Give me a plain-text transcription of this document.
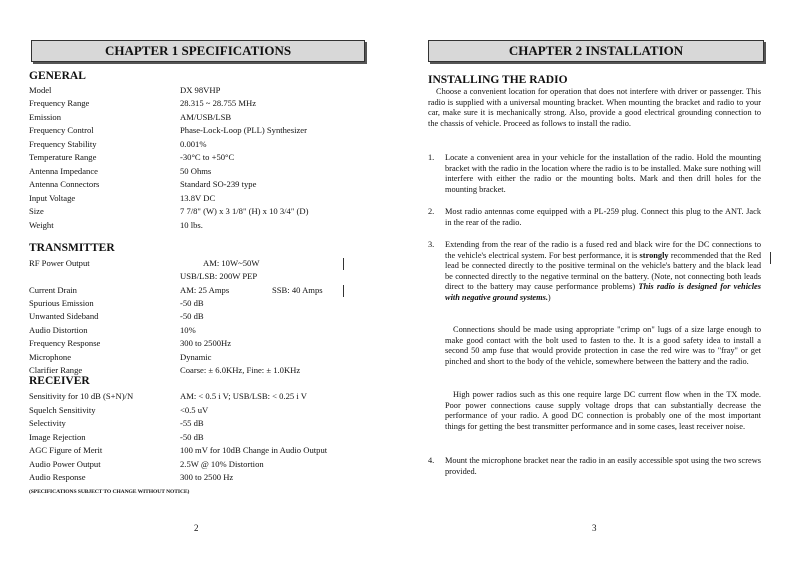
CHAPTER 1 SPECIFICATIONS
GENERAL
Model	DX 98VHP
Frequency Range	28.315 ~ 28.755 MHz
Emission	AM/USB/LSB
Frequency Control	Phase-Lock-Loop (PLL) Synthesizer
Frequency Stability	0.001%
Temperature Range	-30°C to +50°C
Antenna Impedance	50 Ohms
Antenna Connectors	Standard SO-239 type
Input Voltage	13.8V DC
Size	7 7/8" (W) x 3 1/8" (H) x 10 3/4" (D)
Weight	10 lbs.
TRANSMITTER
RF Power Output	AM: 10W~50W
USB/LSB: 200W PEP
Current Drain	AM: 25 Amps	SSB: 40 Amps
Spurious Emission	-50 dB
Unwanted Sideband	-50 dB
Audio Distortion	10%
Frequency Response	300 to 2500Hz
Microphone	Dynamic
Clarifier Range	Coarse: ± 6.0KHz, Fine: ± 1.0KHz
RECEIVER
Sensitivity for 10 dB (S+N)/N	AM: < 0.5 i V; USB/LSB: < 0.25 i V
Squelch Sensitivity	<0.5 uV
Selectivity	-55 dB
Image Rejection	-50 dB
AGC Figure of Merit	100 mV for 10dB Change in Audio Output
Audio Power Output	2.5W @ 10% Distortion
Audio Response	300 to 2500 Hz
(SPECIFICATIONS SUBJECT TO CHANGE WITHOUT NOTICE)
2
CHAPTER 2 INSTALLATION
INSTALLING THE RADIO

Choose a convenient location for operation that does not interfere with driver or passenger. This radio is supplied with a universal mounting bracket. When mounting the bracket and radio to your car, make sure it is mechanically strong. Also, provide a good electrical grounding connection to the chassis of vehicle. Proceed as follows to install the radio.

1. Locate a convenient area in your vehicle for the installation of the radio. Hold the mounting bracket with the radio in the location where the radio is to be installed. Make sure nothing will interfere with either the radio or the mounting bolts. Mark and then drill holes for the mounting bracket.

2. Most radio antennas come equipped with a PL-259 plug. Connect this plug to the ANT. Jack in the rear of the radio.

3. Extending from the rear of the radio is a fused red and black wire for the DC connections to the vehicle's electrical system. For best performance, it is strongly recommended that the Red lead be connected directly to the positive terminal on the vehicle's battery and the black lead be connected directly to the negative terminal on the battery. (Note, not connecting both leads direct to the battery may cause performance problems) This radio is designed for vehicles with negative ground systems.)

Connections should be made using appropriate "crimp on" lugs of a size large enough to make good contact with the bolt used to fasten to the. It is a good safety idea to install a second 50 amp fuse that would provide protection in case the red wire was to "fray" or get pinched and short to the body of the vehicle, somewhere between the battery and the radio.

High power radios such as this one require large DC current flow when in the TX mode. Poor power connections cause supply voltage drops that can substantially decrease the performance of your radio. A good DC connection is probably one of the most important things for getting the best transmitter performance and in some cases, least receiver noise.

4. Mount the microphone bracket near the radio in an easily accessible spot using the two screws provided.

3
